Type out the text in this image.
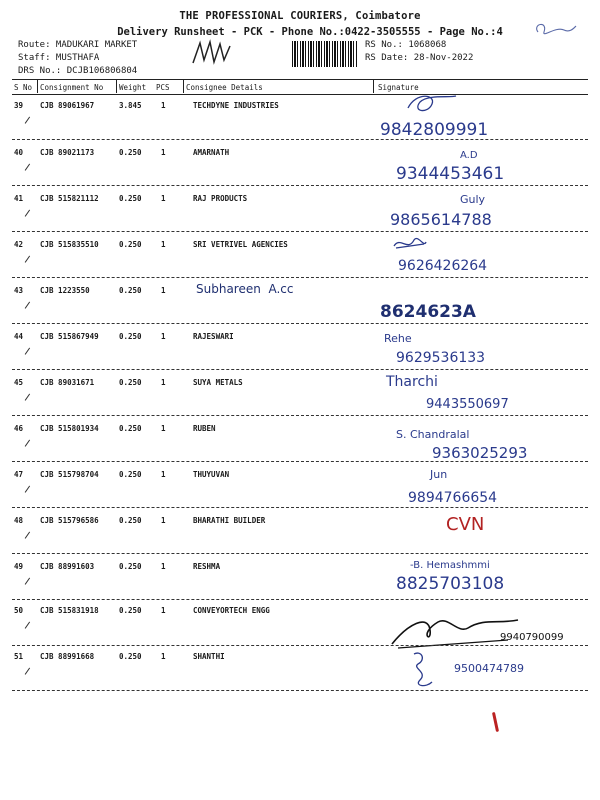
THE PROFESSIONAL COURIERS, Coimbatore
Delivery Runsheet - PCK - Phone No.:0422-3505555 - Page No.:4
Route: MADUKARI MARKET
Staff: MUSTHAFA
DRS No.: DCJB106806804
RS No.: 1068068
RS Date: 28-Nov-2022
S No Consignment No Weight PCS Consignee Details	Signature
39 CJB 89061967	3.845	1	TECHDYNE INDUSTRIES
9842809991
40 CJB 89021173	0.250	1	AMARNATH	A.D
9344453461
41 CJB 515821112	0.250	1	RAJ PRODUCTS	Guly
9865614788
42 CJB 515835510	0.250	1	SRI VETRIVEL AGENCIES
9626426264
43 CJB 1223550	0.250	1	Subhareen  A.cc
8624623A
44 CJB 515867949	0.250	1	RAJESWARI	Rehe
9629536133
45 CJB 89031671	0.250	1	SUYA METALS	Tharchi
9443550697
46 CJB 515801934	0.250	1	RUBEN	S. Chandralal
9363025293
47 CJB 515798704	0.250	1	THUYUVAN	Jun
9894766654
48 CJB 515796586	0.250	1	BHARATHI BUILDER	CVN
49 CJB 88991603	0.250	1	RESHMA	-B. Hemashmmi
8825703108
50 CJB 515831918	0.250	1	CONVEYORTECH ENGG
9940790099
51 CJB 88991668	0.250	1	SHANTHI
9500474789
